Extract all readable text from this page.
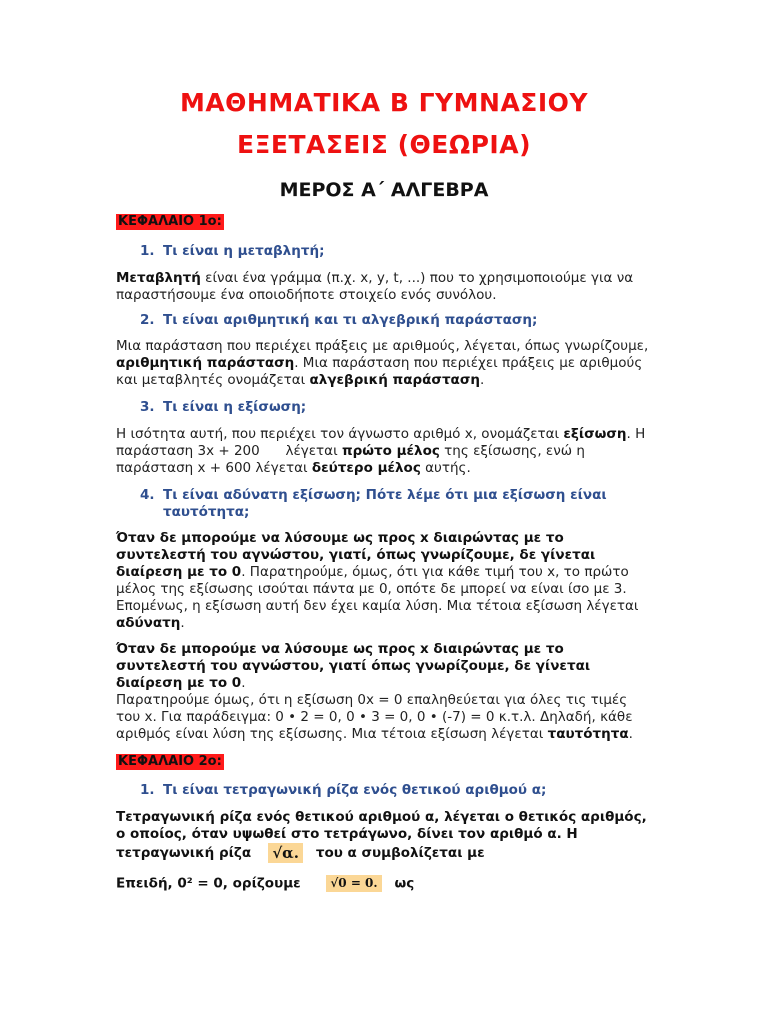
ΜΑΘΗΜΑΤΙΚΑ Β ΓΥΜΝΑΣΙΟΥ
ΕΞΕΤΑΣΕΙΣ (ΘΕΩΡΙΑ)
ΜΕΡΟΣ Α΄ ΑΛΓΕΒΡΑ
ΚΕΦΑΛΑΙΟ 1ο:
1. Τι είναι η μεταβλητή;

Μεταβλητή είναι ένα γράμμα (π.χ. x, y, t, ...) που το χρησιμοποιούμε για να παραστήσουμε ένα οποιοδήποτε στοιχείο ενός συνόλου.

2. Τι είναι αριθμητική και τι αλγεβρική παράσταση;

Μια παράσταση που περιέχει πράξεις με αριθμούς, λέγεται, όπως γνωρίζουμε, αριθμητική παράσταση. Μια παράσταση που περιέχει πράξεις με αριθμούς και μεταβλητές ονομάζεται αλγεβρική παράσταση.

3. Τι είναι η εξίσωση;

Η ισότητα αυτή, που περιέχει τον άγνωστο αριθμό x, ονομάζεται εξίσωση. Η παράσταση 3x + 200      λέγεται πρώτο μέλος της εξίσωσης, ενώ η παράσταση x + 600 λέγεται δεύτερο μέλος αυτής.

4. Τι είναι αδύνατη εξίσωση; Πότε λέμε ότι μια εξίσωση είναι ταυτότητα;

Όταν δε μπορούμε να λύσουμε ως προς x διαιρώντας με το συντελεστή του αγνώστου, γιατί, όπως γνωρίζουμε, δε γίνεται διαίρεση με το 0. Παρατηρούμε, όμως, ότι για κάθε τιμή του x, το πρώτο μέλος της εξίσωσης ισούται πάντα με 0, οπότε δε μπορεί να είναι ίσο με 3. Επομένως, η εξίσωση αυτή δεν έχει καμία λύση. Μια τέτοια εξίσωση λέγεται αδύνατη.

Όταν δε μπορούμε να λύσουμε ως προς x διαιρώντας με το συντελεστή του αγνώστου, γιατί όπως γνωρίζουμε, δε γίνεται διαίρεση με το 0.
Παρατηρούμε όμως, ότι η εξίσωση 0x = 0 επαληθεύεται για όλες τις τιμές του x. Για παράδειγμα: 0 • 2 = 0, 0 • 3 = 0, 0 • (-7) = 0 κ.τ.λ. Δηλαδή, κάθε αριθμός είναι λύση της εξίσωσης. Μια τέτοια εξίσωση λέγεται ταυτότητα.

ΚΕΦΑΛΑΙΟ 2ο:
1. Τι είναι τετραγωνική ρίζα ενός θετικού αριθμού α;

Τετραγωνική ρίζα ενός θετικού αριθμού α, λέγεται ο θετικός αριθμός, ο οποίος, όταν υψωθεί στο τετράγωνο, δίνει τον αριθμό α. Η τετραγωνική ρίζα √α. του α συμβολίζεται με

Επειδή, 0² = 0, ορίζουμε √0 = 0. ως
